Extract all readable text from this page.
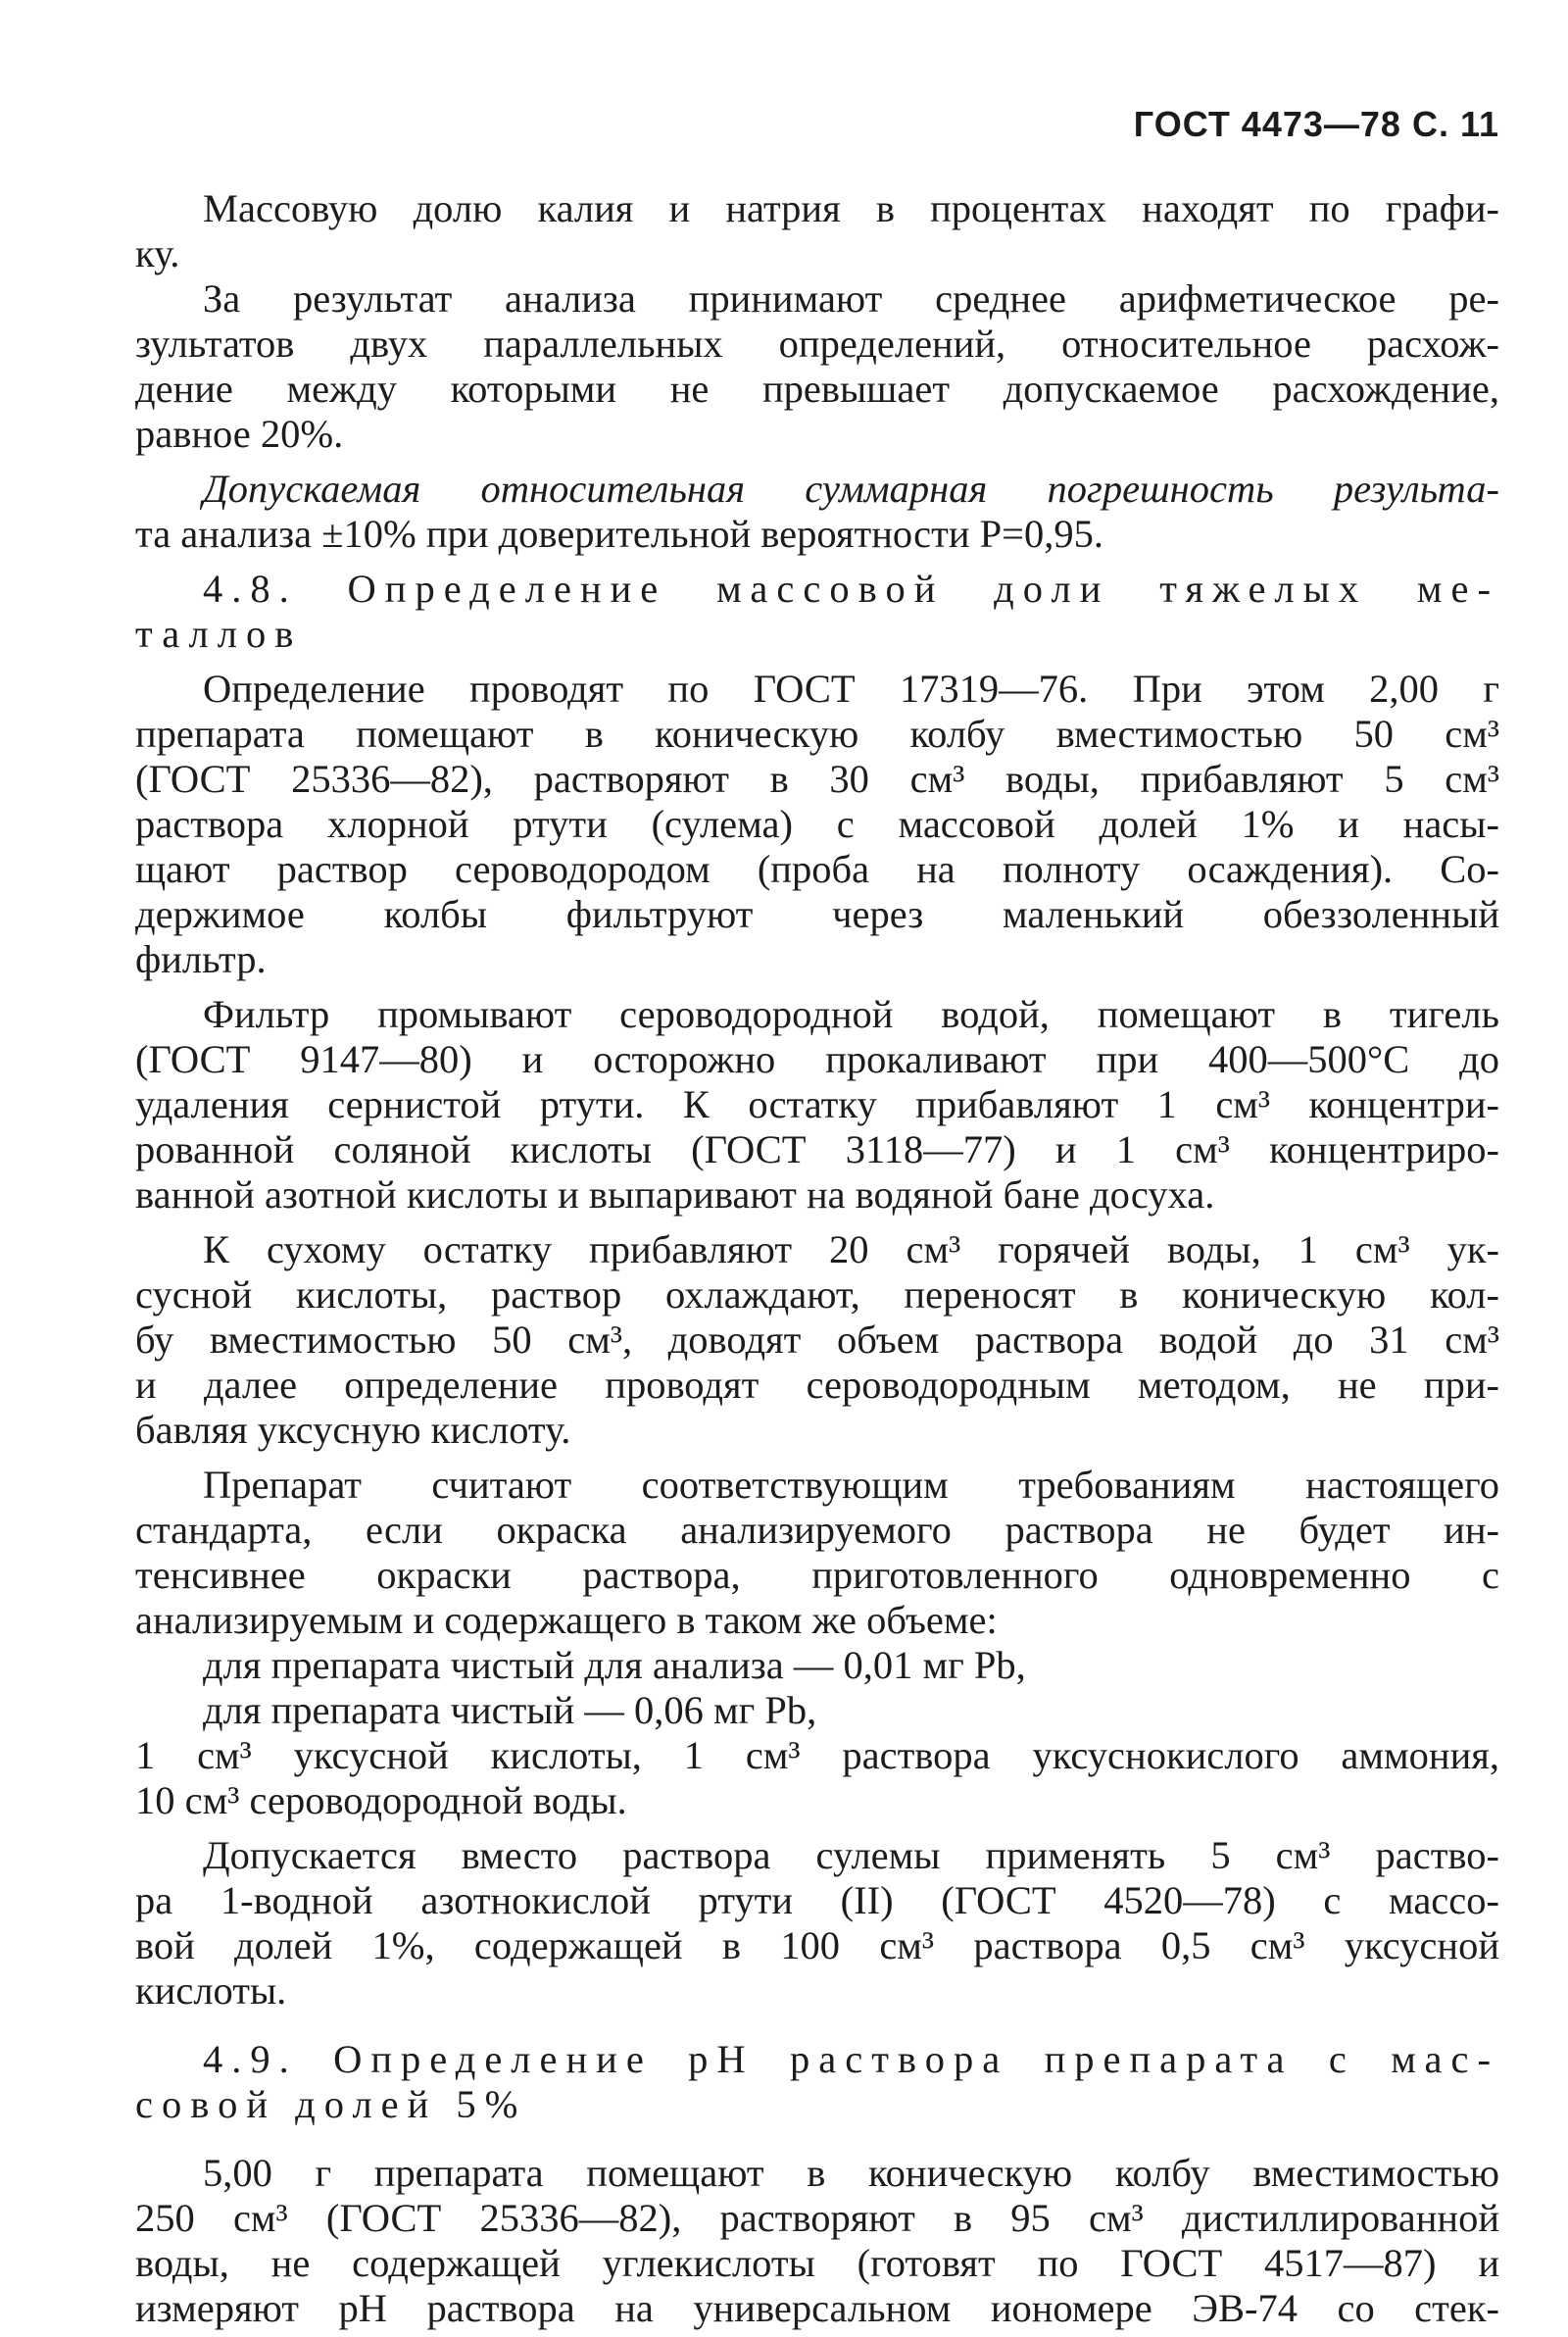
ГОСТ 4473—78 С. 11
Массовую долю калия и натрия в процентах находят по графи-
ку.
За результат анализа принимают среднее арифметическое ре-
зультатов двух параллельных определений, относительное расхож-
дение между которыми не превышает допускаемое расхождение,
равное 20%.
Допускаемая относительная суммарная погрешность результа-
та анализа ±10% при доверительной вероятности P=0,95.
4.8. Определение массовой доли тяжелых ме-
таллов
Определение проводят по ГОСТ 17319—76. При этом 2,00 г
препарата помещают в коническую колбу вместимостью 50 см³
(ГОСТ 25336—82), растворяют в 30 см³ воды, прибавляют 5 см³
раствора хлорной ртути (сулема) с массовой долей 1% и насы-
щают раствор сероводородом (проба на полноту осаждения). Со-
держимое колбы фильтруют через маленький обеззоленный
фильтр.
Фильтр промывают сероводородной водой, помещают в тигель
(ГОСТ 9147—80) и осторожно прокаливают при 400—500°С до
удаления сернистой ртути. К остатку прибавляют 1 см³ концентри-
рованной соляной кислоты (ГОСТ 3118—77) и 1 см³ концентриро-
ванной азотной кислоты и выпаривают на водяной бане досуха.
К сухому остатку прибавляют 20 см³ горячей воды, 1 см³ ук-
сусной кислоты, раствор охлаждают, переносят в коническую кол-
бу вместимостью 50 см³, доводят объем раствора водой до 31 см³
и далее определение проводят сероводородным методом, не при-
бавляя уксусную кислоту.
Препарат считают соответствующим требованиям настоящего
стандарта, если окраска анализируемого раствора не будет ин-
тенсивнее окраски раствора, приготовленного одновременно с
анализируемым и содержащего в таком же объеме:
для препарата чистый для анализа — 0,01 мг Pb,
для препарата чистый — 0,06 мг Pb,
1 см³ уксусной кислоты, 1 см³ раствора уксуснокислого аммония,
10 см³ сероводородной воды.
Допускается вместо раствора сулемы применять 5 см³ раство-
ра 1-водной азотнокислой ртути (II) (ГОСТ 4520—78) с массо-
вой долей 1%, содержащей в 100 см³ раствора 0,5 см³ уксусной
кислоты.
4.9. Определение pH раствора препарата с мас-
совой долей 5%
5,00 г препарата помещают в коническую колбу вместимостью
250 см³ (ГОСТ 25336—82), растворяют в 95 см³ дистиллированной
воды, не содержащей углекислоты (готовят по ГОСТ 4517—87) и
измеряют pH раствора на универсальном иономере ЭВ-74 со стек-
